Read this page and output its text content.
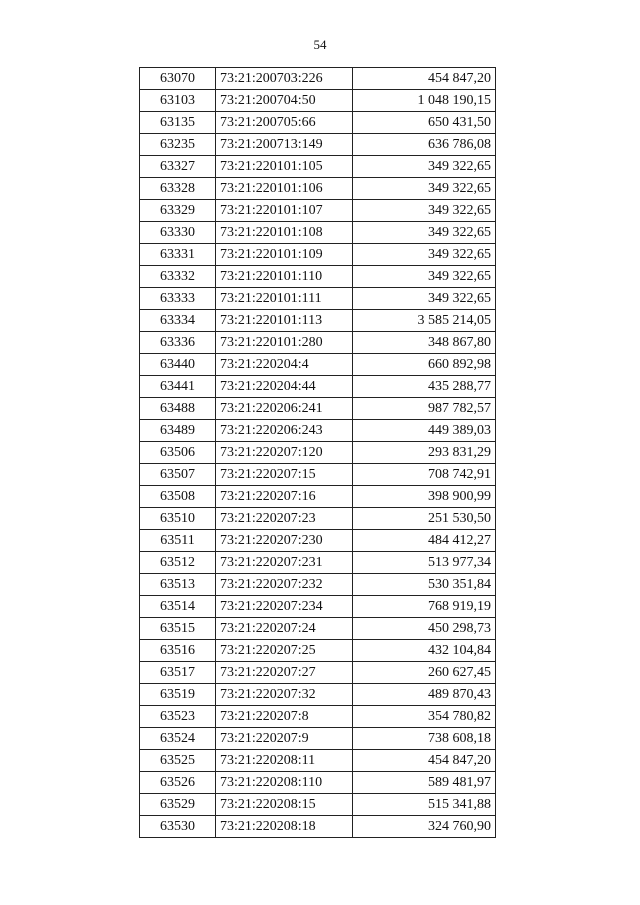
54
63070	73:21:200703:226	454 847,20
63103	73:21:200704:50	1 048 190,15
63135	73:21:200705:66	650 431,50
63235	73:21:200713:149	636 786,08
63327	73:21:220101:105	349 322,65
63328	73:21:220101:106	349 322,65
63329	73:21:220101:107	349 322,65
63330	73:21:220101:108	349 322,65
63331	73:21:220101:109	349 322,65
63332	73:21:220101:110	349 322,65
63333	73:21:220101:111	349 322,65
63334	73:21:220101:113	3 585 214,05
63336	73:21:220101:280	348 867,80
63440	73:21:220204:4	660 892,98
63441	73:21:220204:44	435 288,77
63488	73:21:220206:241	987 782,57
63489	73:21:220206:243	449 389,03
63506	73:21:220207:120	293 831,29
63507	73:21:220207:15	708 742,91
63508	73:21:220207:16	398 900,99
63510	73:21:220207:23	251 530,50
63511	73:21:220207:230	484 412,27
63512	73:21:220207:231	513 977,34
63513	73:21:220207:232	530 351,84
63514	73:21:220207:234	768 919,19
63515	73:21:220207:24	450 298,73
63516	73:21:220207:25	432 104,84
63517	73:21:220207:27	260 627,45
63519	73:21:220207:32	489 870,43
63523	73:21:220207:8	354 780,82
63524	73:21:220207:9	738 608,18
63525	73:21:220208:11	454 847,20
63526	73:21:220208:110	589 481,97
63529	73:21:220208:15	515 341,88
63530	73:21:220208:18	324 760,90
